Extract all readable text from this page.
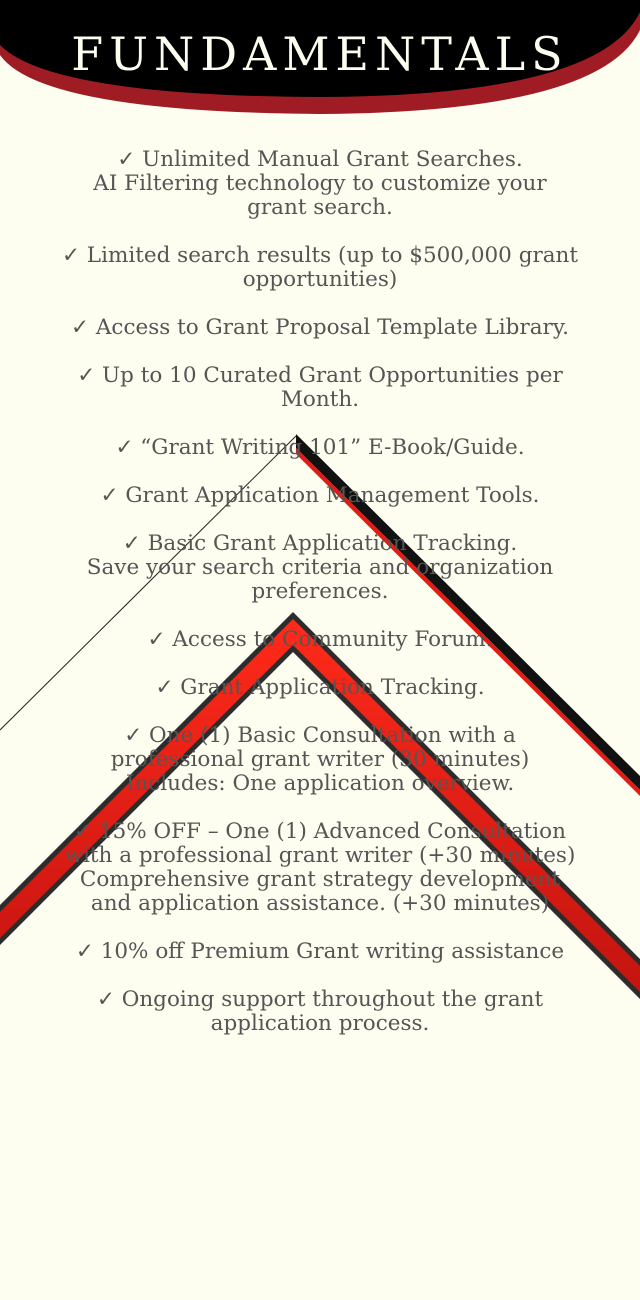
FUNDAMENTALS
✓ Unlimited Manual Grant Searches.
AI Filtering technology to customize your
grant search.
✓ Limited search results (up to $500,000 grant
opportunities)
✓ Access to Grant Proposal Template Library.
✓ Up to 10 Curated Grant Opportunities per
Month.
✓ “Grant Writing 101” E-Book/Guide.
✓ Grant Application Management Tools.
✓ Basic Grant Application Tracking.
Save your search criteria and organization
preferences.
✓ Access to Community Forum.
✓ Grant Application Tracking.
✓ One (1) Basic Consultation with a
professional grant writer (30 minutes)
Includes: One application overview.
✓ 15% OFF – One (1) Advanced Consultation
with a professional grant writer (+30 minutes)
Comprehensive grant strategy development
and application assistance. (+30 minutes)
✓ 10% off Premium Grant writing assistance
✓ Ongoing support throughout the grant
application process.
